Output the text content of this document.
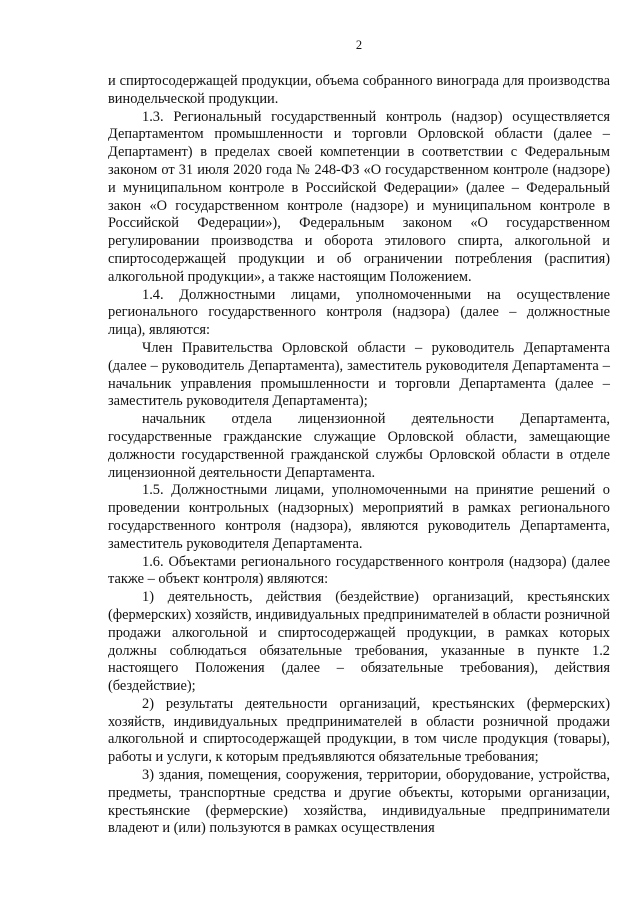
2

и спиртосодержащей продукции, объема собранного винограда для производства винодельческой продукции.

1.3. Региональный государственный контроль (надзор) осуществляется Департаментом промышленности и торговли Орловской области (далее – Департамент) в пределах своей компетенции в соответствии с Федеральным законом от 31 июля 2020 года № 248-ФЗ «О государственном контроле (надзоре) и муниципальном контроле в Российской Федерации» (далее – Федеральный закон «О государственном контроле (надзоре) и муниципальном контроле в Российской Федерации»), Федеральным законом «О государственном регулировании производства и оборота этилового спирта, алкогольной и спиртосодержащей продукции и об ограничении потребления (распития) алкогольной продукции», а также настоящим Положением.

1.4. Должностными лицами, уполномоченными на осуществление регионального государственного контроля (надзора) (далее – должностные лица), являются:

Член Правительства Орловской области – руководитель Департамента (далее – руководитель Департамента), заместитель руководителя Департамента – начальник управления промышленности и торговли Департамента (далее – заместитель руководителя Департамента);

начальник отдела лицензионной деятельности Департамента, государственные гражданские служащие Орловской области, замещающие должности государственной гражданской службы Орловской области в отделе лицензионной деятельности Департамента.

1.5. Должностными лицами, уполномоченными на принятие решений о проведении контрольных (надзорных) мероприятий в рамках регионального государственного контроля (надзора), являются руководитель Департамента, заместитель руководителя Департамента.

1.6. Объектами регионального государственного контроля (надзора) (далее также – объект контроля) являются:

1) деятельность, действия (бездействие) организаций, крестьянских (фермерских) хозяйств, индивидуальных предпринимателей в области розничной продажи алкогольной и спиртосодержащей продукции, в рамках которых должны соблюдаться обязательные требования, указанные в пункте 1.2 настоящего Положения (далее – обязательные требования), действия (бездействие);

2) результаты деятельности организаций, крестьянских (фермерских) хозяйств, индивидуальных предпринимателей в области розничной продажи алкогольной и спиртосодержащей продукции, в том числе продукция (товары), работы и услуги, к которым предъявляются обязательные требования;

3) здания, помещения, сооружения, территории, оборудование, устройства, предметы, транспортные средства и другие объекты, которыми организации, крестьянские (фермерские) хозяйства, индивидуальные предприниматели владеют и (или) пользуются в рамках осуществления
